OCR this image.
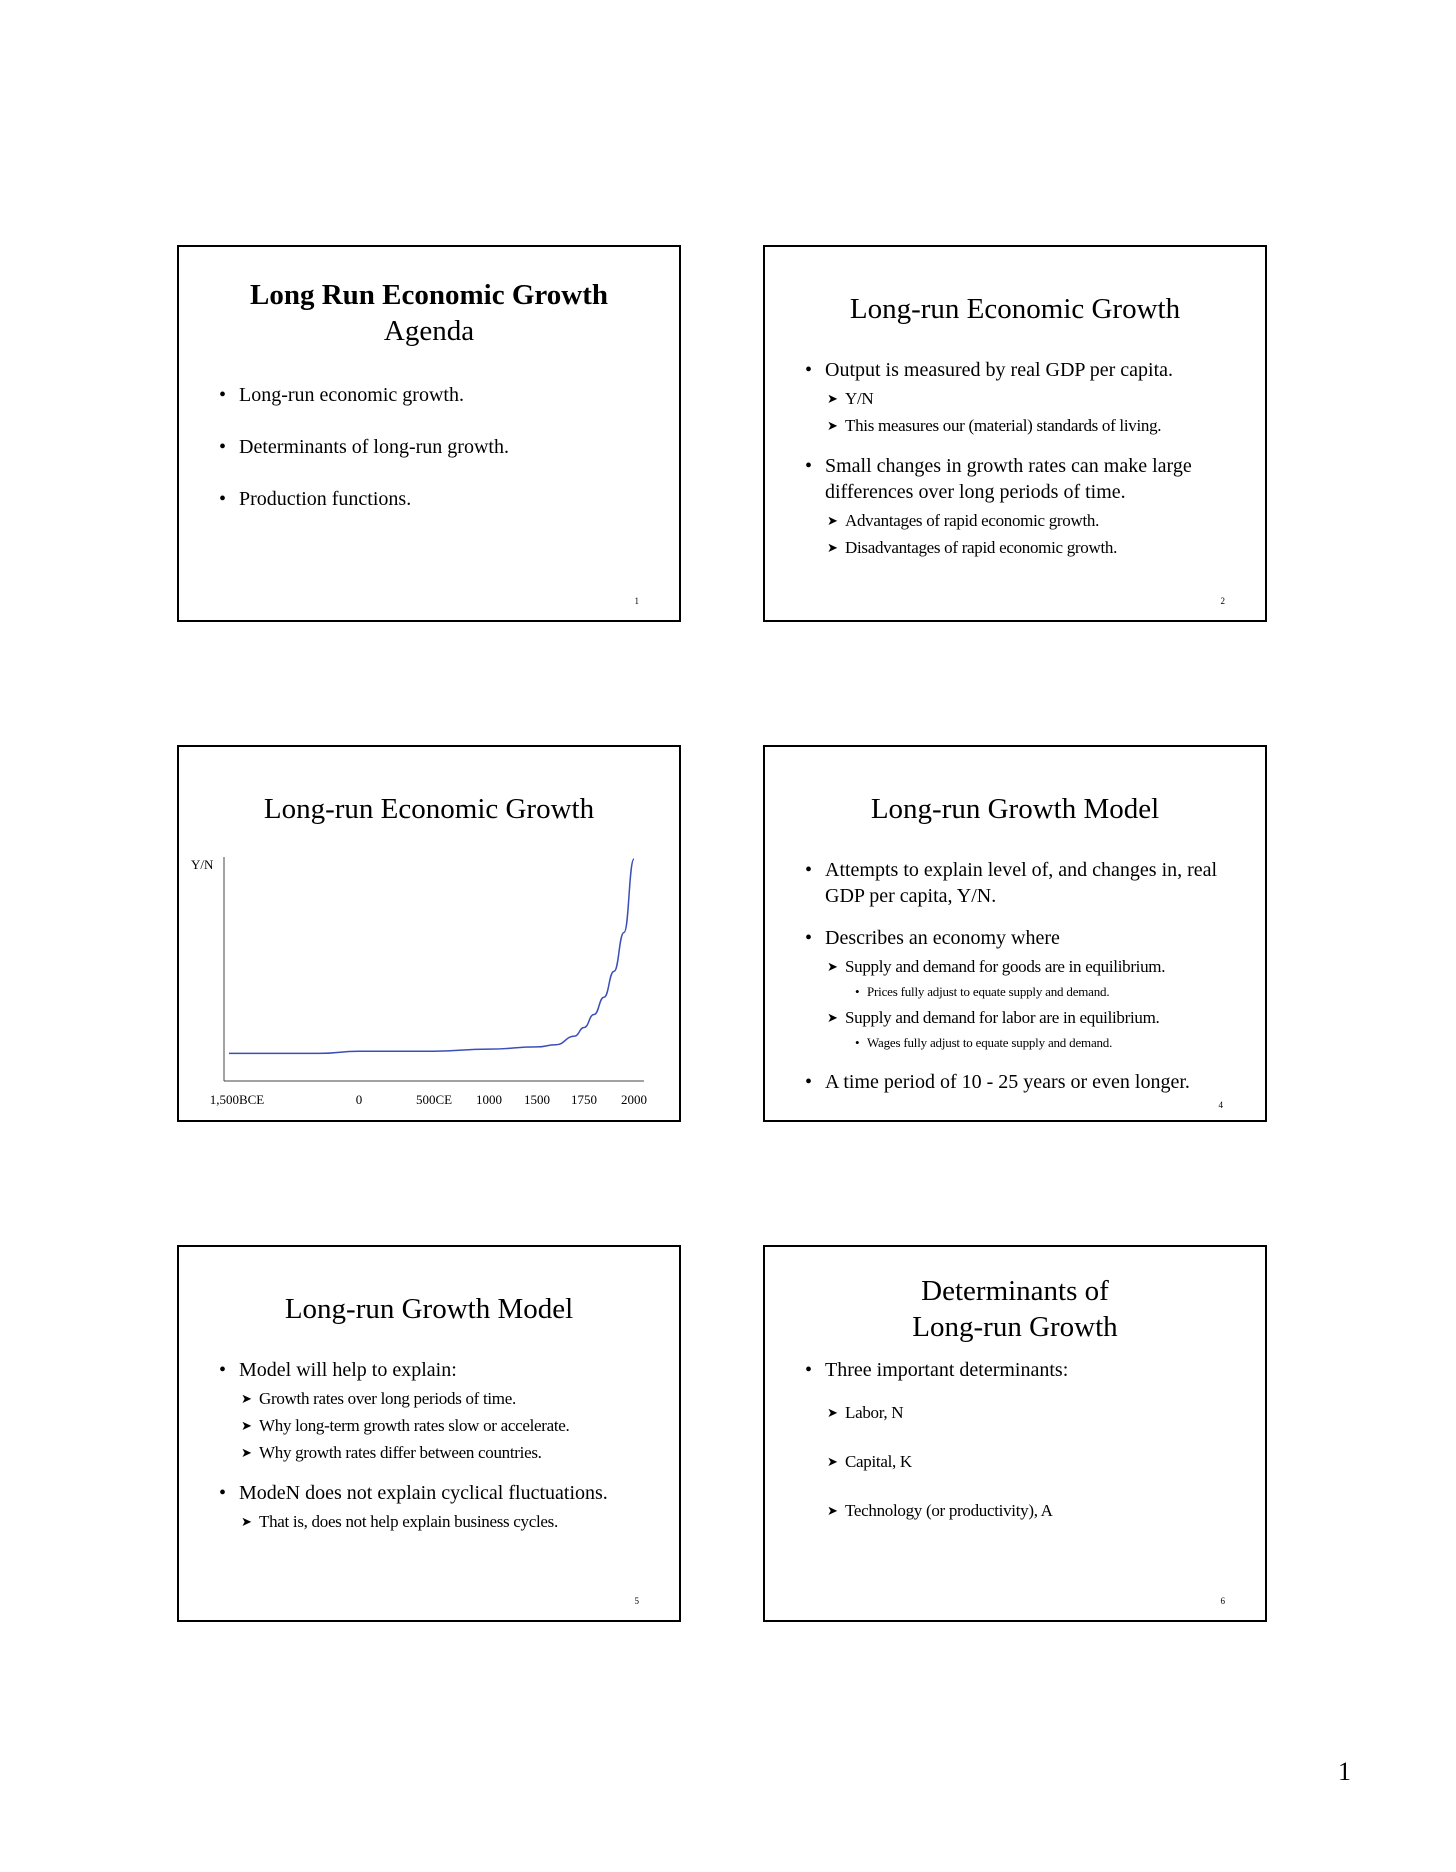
Long Run Economic Growth
Agenda
• Long-run economic growth.
• Determinants of long-run growth.
• Production functions.
1
Long-run Economic Growth
• Output is measured by real GDP per capita.
➤ Y/N
➤ This measures our (material) standards of living.
• Small changes in growth rates can make large differences over long periods of time.
➤ Advantages of rapid economic growth.
➤ Disadvantages of rapid economic growth.
2
Long-run Economic Growth
Y/N
1,500BCE	0	500CE 1000 1500 1750 2000
Long-run Growth Model
• Attempts to explain level of, and changes in, real GDP per capita, Y/N.
• Describes an economy where
➤ Supply and demand for goods are in equilibrium.
• Prices fully adjust to equate supply and demand.
➤ Supply and demand for labor are in equilibrium.
• Wages fully adjust to equate supply and demand.
• A time period of 10 - 25 years or even longer.
4
Long-run Growth Model
• Model will help to explain:
➤ Growth rates over long periods of time.
➤ Why long-term growth rates slow or accelerate.
➤ Why growth rates differ between countries.
• ModeN does not explain cyclical fluctuations.
➤ That is, does not help explain business cycles.
5
Determinants of
Long-run Growth
• Three important determinants:
➤ Labor, N
➤ Capital, K
➤ Technology (or productivity), A
6
1
